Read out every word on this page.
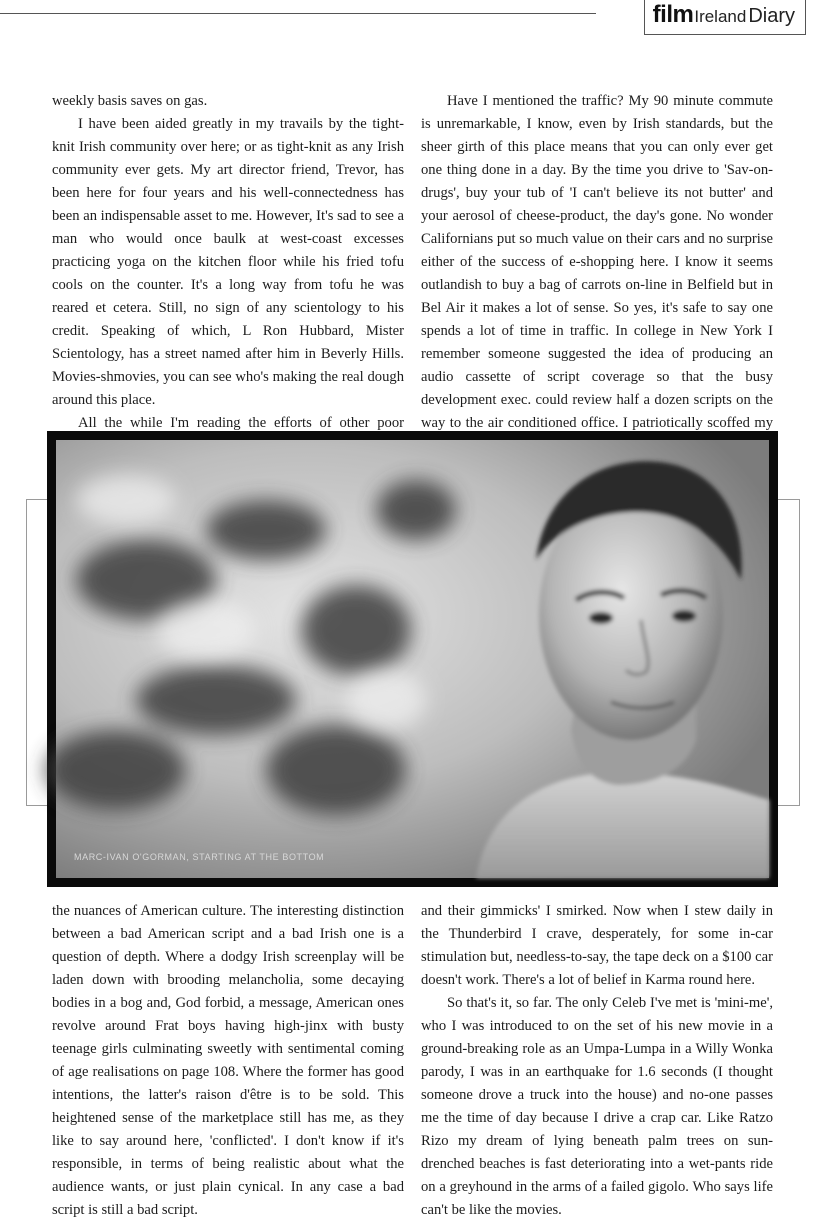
film Ireland Diary

weekly basis saves on gas.

I have been aided greatly in my travails by the tight-knit Irish community over here; or as tight-knit as any Irish community ever gets. My art director friend, Trevor, has been here for four years and his well-connectedness has been an indispensable asset to me. However, It's sad to see a man who would once baulk at west-coast excesses practicing yoga on the kitchen floor while his fried tofu cools on the counter. It's a long way from tofu he was reared et cetera. Still, no sign of any scientology to his credit. Speaking of which, L Ron Hubbard, Mister Scientology, has a street named after him in Beverly Hills. Movies-shmovies, you can see who's making the real dough around this place.

All the while I'm reading the efforts of other poor

Have I mentioned the traffic? My 90 minute commute is unremarkable, I know, even by Irish standards, but the sheer girth of this place means that you can only ever get one thing done in a day. By the time you drive to 'Sav-on-drugs', buy your tub of 'I can't believe its not butter' and your aerosol of cheese-product, the day's gone. No wonder Californians put so much value on their cars and no surprise either of the success of e-shopping here. I know it seems outlandish to buy a bag of carrots on-line in Belfield but in Bel Air it makes a lot of sense. So yes, it's safe to say one spends a lot of time in traffic. In college in New York I remember someone suggested the idea of producing an audio cassette of script coverage so that the busy development exec. could review half a dozen scripts on the way to the air conditioned office. I patriotically scoffed my

MARC-IVAN O'GORMAN, STARTING AT THE BOTTOM

the nuances of American culture. The interesting distinction between a bad American script and a bad Irish one is a question of depth. Where a dodgy Irish screenplay will be laden down with brooding melancholia, some decaying bodies in a bog and, God forbid, a message, American ones revolve around Frat boys having high-jinx with busty teenage girls culminating sweetly with sentimental coming of age realisations on page 108. Where the former has good intentions, the latter's raison d'être is to be sold. This heightened sense of the marketplace still has me, as they like to say around here, 'conflicted'. I don't know if it's responsible, in terms of being realistic about what the audience wants, or just plain cynical. In any case a bad script is still a bad script.

and their gimmicks' I smirked. Now when I stew daily in the Thunderbird I crave, desperately, for some in-car stimulation but, needless-to-say, the tape deck on a $100 car doesn't work. There's a lot of belief in Karma round here.

So that's it, so far. The only Celeb I've met is 'mini-me', who I was introduced to on the set of his new movie in a ground-breaking role as an Umpa-Lumpa in a Willy Wonka parody, I was in an earthquake for 1.6 seconds (I thought someone drove a truck into the house) and no-one passes me the time of day because I drive a crap car. Like Ratzo Rizo my dream of lying beneath palm trees on sun-drenched beaches is fast deteriorating into a wet-pants ride on a greyhound in the arms of a failed gigolo. Who says life can't be like the movies.
